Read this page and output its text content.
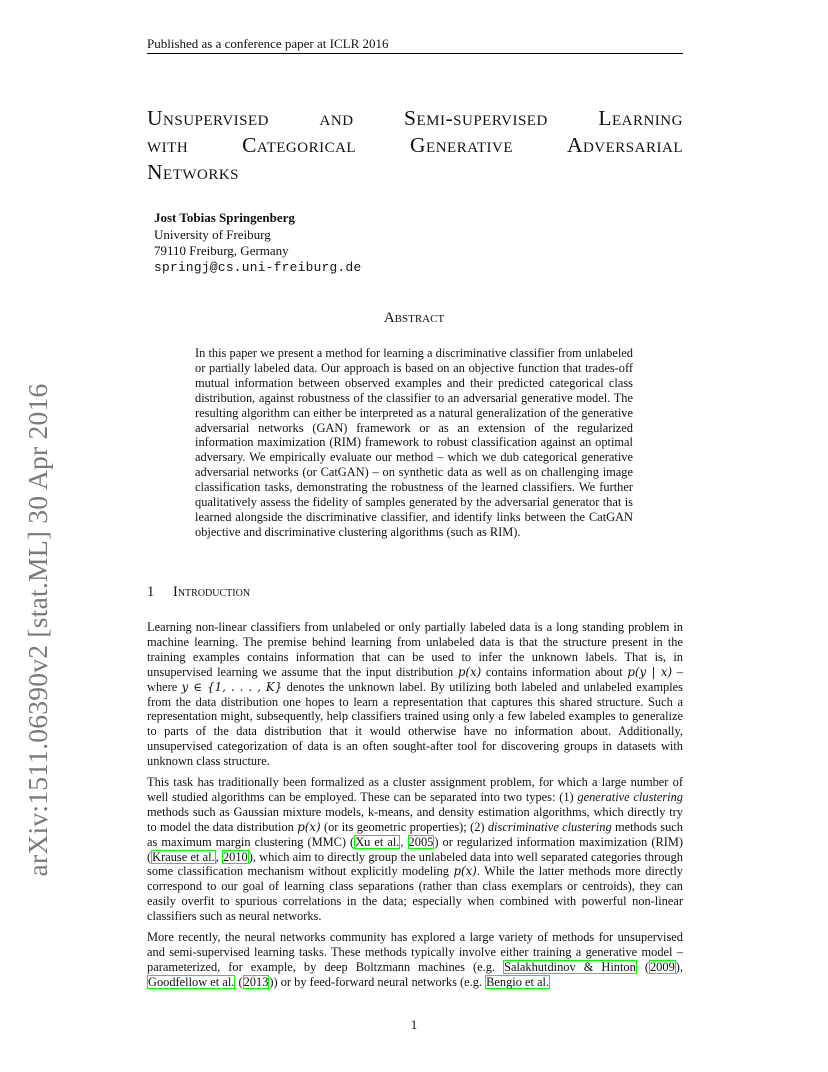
Published as a conference paper at ICLR 2016
arXiv:1511.06390v2 [stat.ML] 30 Apr 2016
Unsupervised and Semi-supervised Learning
with	Categorical	Generative	Adversarial
Networks
Jost Tobias Springenberg
University of Freiburg
79110 Freiburg, Germany
springj@cs.uni-freiburg.de
Abstract
In this paper we present a method for learning a discriminative classifier from unlabeled or partially labeled data. Our approach is based on an objective function that trades-off mutual information between observed examples and their predicted categorical class distribution, against robustness of the classifier to an adversarial generative model. The resulting algorithm can either be interpreted as a natural generalization of the generative adversarial networks (GAN) framework or as an extension of the regularized information maximization (RIM) framework to robust classification against an optimal adversary. We empirically evaluate our method – which we dub categorical generative adversarial networks (or CatGAN) – on synthetic data as well as on challenging image classification tasks, demonstrating the robustness of the learned classifiers. We further qualitatively assess the fidelity of samples generated by the adversarial generator that is learned alongside the discriminative classifier, and identify links between the CatGAN objective and discriminative clustering algorithms (such as RIM).
1 Introduction

Learning non-linear classifiers from unlabeled or only partially labeled data is a long standing problem in machine learning. The premise behind learning from unlabeled data is that the structure present in the training examples contains information that can be used to infer the unknown labels. That is, in unsupervised learning we assume that the input distribution p(x) contains information about p(y | x) – where y ∈ {1, . . . , K} denotes the unknown label. By utilizing both labeled and unlabeled examples from the data distribution one hopes to learn a representation that captures this shared structure. Such a representation might, subsequently, help classifiers trained using only a few labeled examples to generalize to parts of the data distribution that it would otherwise have no information about. Additionally, unsupervised categorization of data is an often sought-after tool for discovering groups in datasets with unknown class structure.

This task has traditionally been formalized as a cluster assignment problem, for which a large number of well studied algorithms can be employed. These can be separated into two types: (1) generative clustering methods such as Gaussian mixture models, k-means, and density estimation algorithms, which directly try to model the data distribution p(x) (or its geometric properties); (2) discriminative clustering methods such as maximum margin clustering (MMC) (Xu et al., 2005) or regularized information maximization (RIM) (Krause et al., 2010), which aim to directly group the unlabeled data into well separated categories through some classification mechanism without explicitly modeling p(x). While the latter methods more directly correspond to our goal of learning class separations (rather than class exemplars or centroids), they can easily overfit to spurious correlations in the data; especially when combined with powerful non-linear classifiers such as neural networks.

More recently, the neural networks community has explored a large variety of methods for unsupervised and semi-supervised learning tasks. These methods typically involve either training a generative model – parameterized, for example, by deep Boltzmann machines (e.g. Salakhutdinov & Hinton (2009), Goodfellow et al. (2013)) or by feed-forward neural networks (e.g. Bengio et al.

1
